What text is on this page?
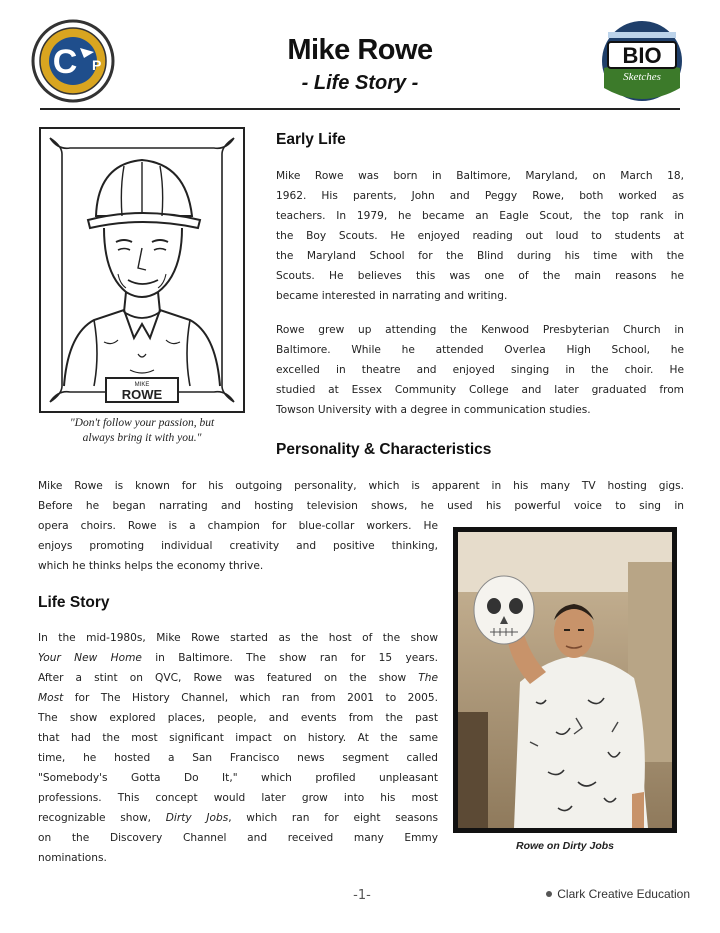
C P	Mike Rowe
- Life Story -
BIO
Sketches
MIKE
ROWE
"Don't follow your passion, but
always bring it with you."
Early Life
Mike Rowe was born in Baltimore, Maryland, on March 18,
1962. His parents, John and Peggy Rowe, both worked as
teachers. In 1979, he became an Eagle Scout, the top rank in
the Boy Scouts. He enjoyed reading out loud to students at
the Maryland School for the Blind during his time with the
Scouts. He believes this was one of the main reasons he
became interested in narrating and writing.
Rowe grew up attending the Kenwood Presbyterian Church in
Baltimore. While he attended Overlea High School, he
excelled in theatre and enjoyed singing in the choir. He
studied at Essex Community College and later graduated from
Towson University with a degree in communication studies.
Personality & Characteristics
Mike Rowe is known for his outgoing personality, which is apparent in his many TV hosting gigs.
Before he began narrating and hosting television shows, he used his powerful voice to sing in
opera choirs. Rowe is a champion for blue-collar workers. He
enjoys promoting individual creativity and positive thinking,
which he thinks helps the economy thrive.
Life Story
In the mid-1980s, Mike Rowe started as the host of the show
Your New Home in Baltimore. The show ran for 15 years.
After a stint on QVC, Rowe was featured on the show The
Most for The History Channel, which ran from 2001 to 2005.
The show explored places, people, and events from the past
that had the most significant impact on history. At the same
time, he hosted a San Francisco news segment called
"Somebody's Gotta Do It," which profiled unpleasant
professions. This concept would later grow into his most
recognizable show, Dirty Jobs, which ran for eight seasons
on the Discovery Channel and received many Emmy
nominations.
Rowe on Dirty Jobs
-1-	Clark Creative Education
